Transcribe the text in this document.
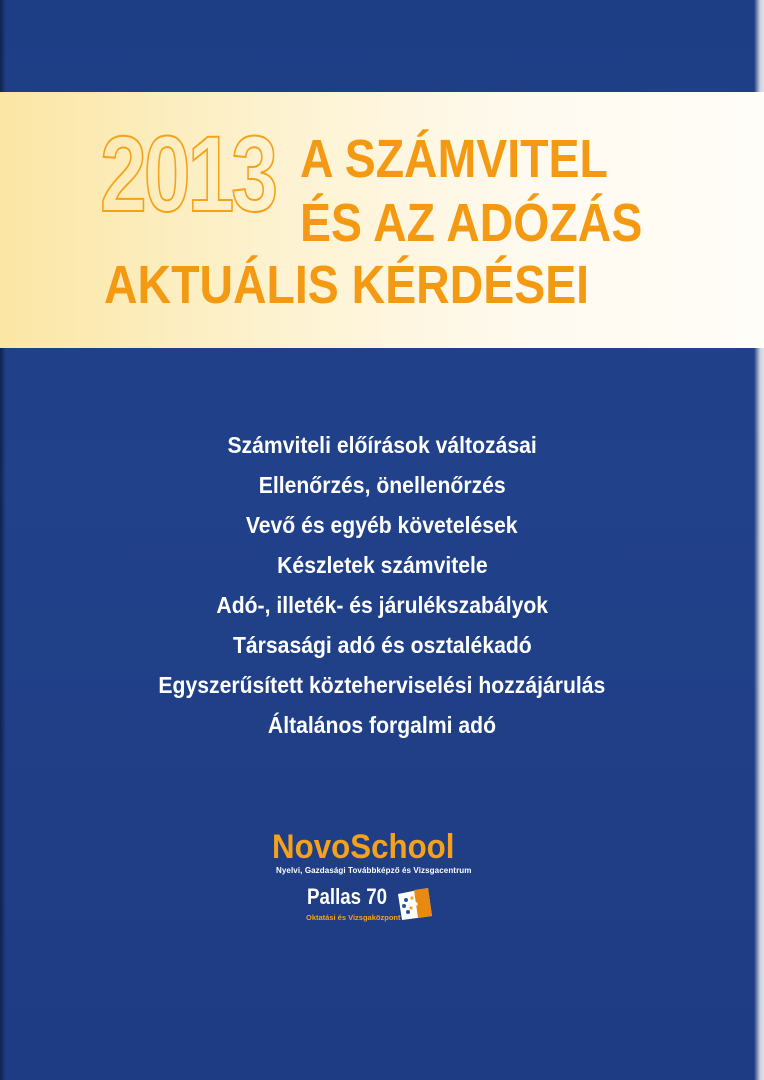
2013 A SZÁMVITEL
ÉS AZ ADÓZÁS
AKTUÁLIS KÉRDÉSEI
Számviteli előírások változásai
Ellenőrzés, önellenőrzés
Vevő és egyéb követelések
Készletek számvitele
Adó-, illeték- és járulékszabályok
Társasági adó és osztalékadó
Egyszerűsített közteherviselési hozzájárulás
Általános forgalmi adó
NovoSchool
Nyelvi, Gazdasági Továbbképző és Vizsgacentrum
Pallas 70
Oktatási és Vizsgaközpont
